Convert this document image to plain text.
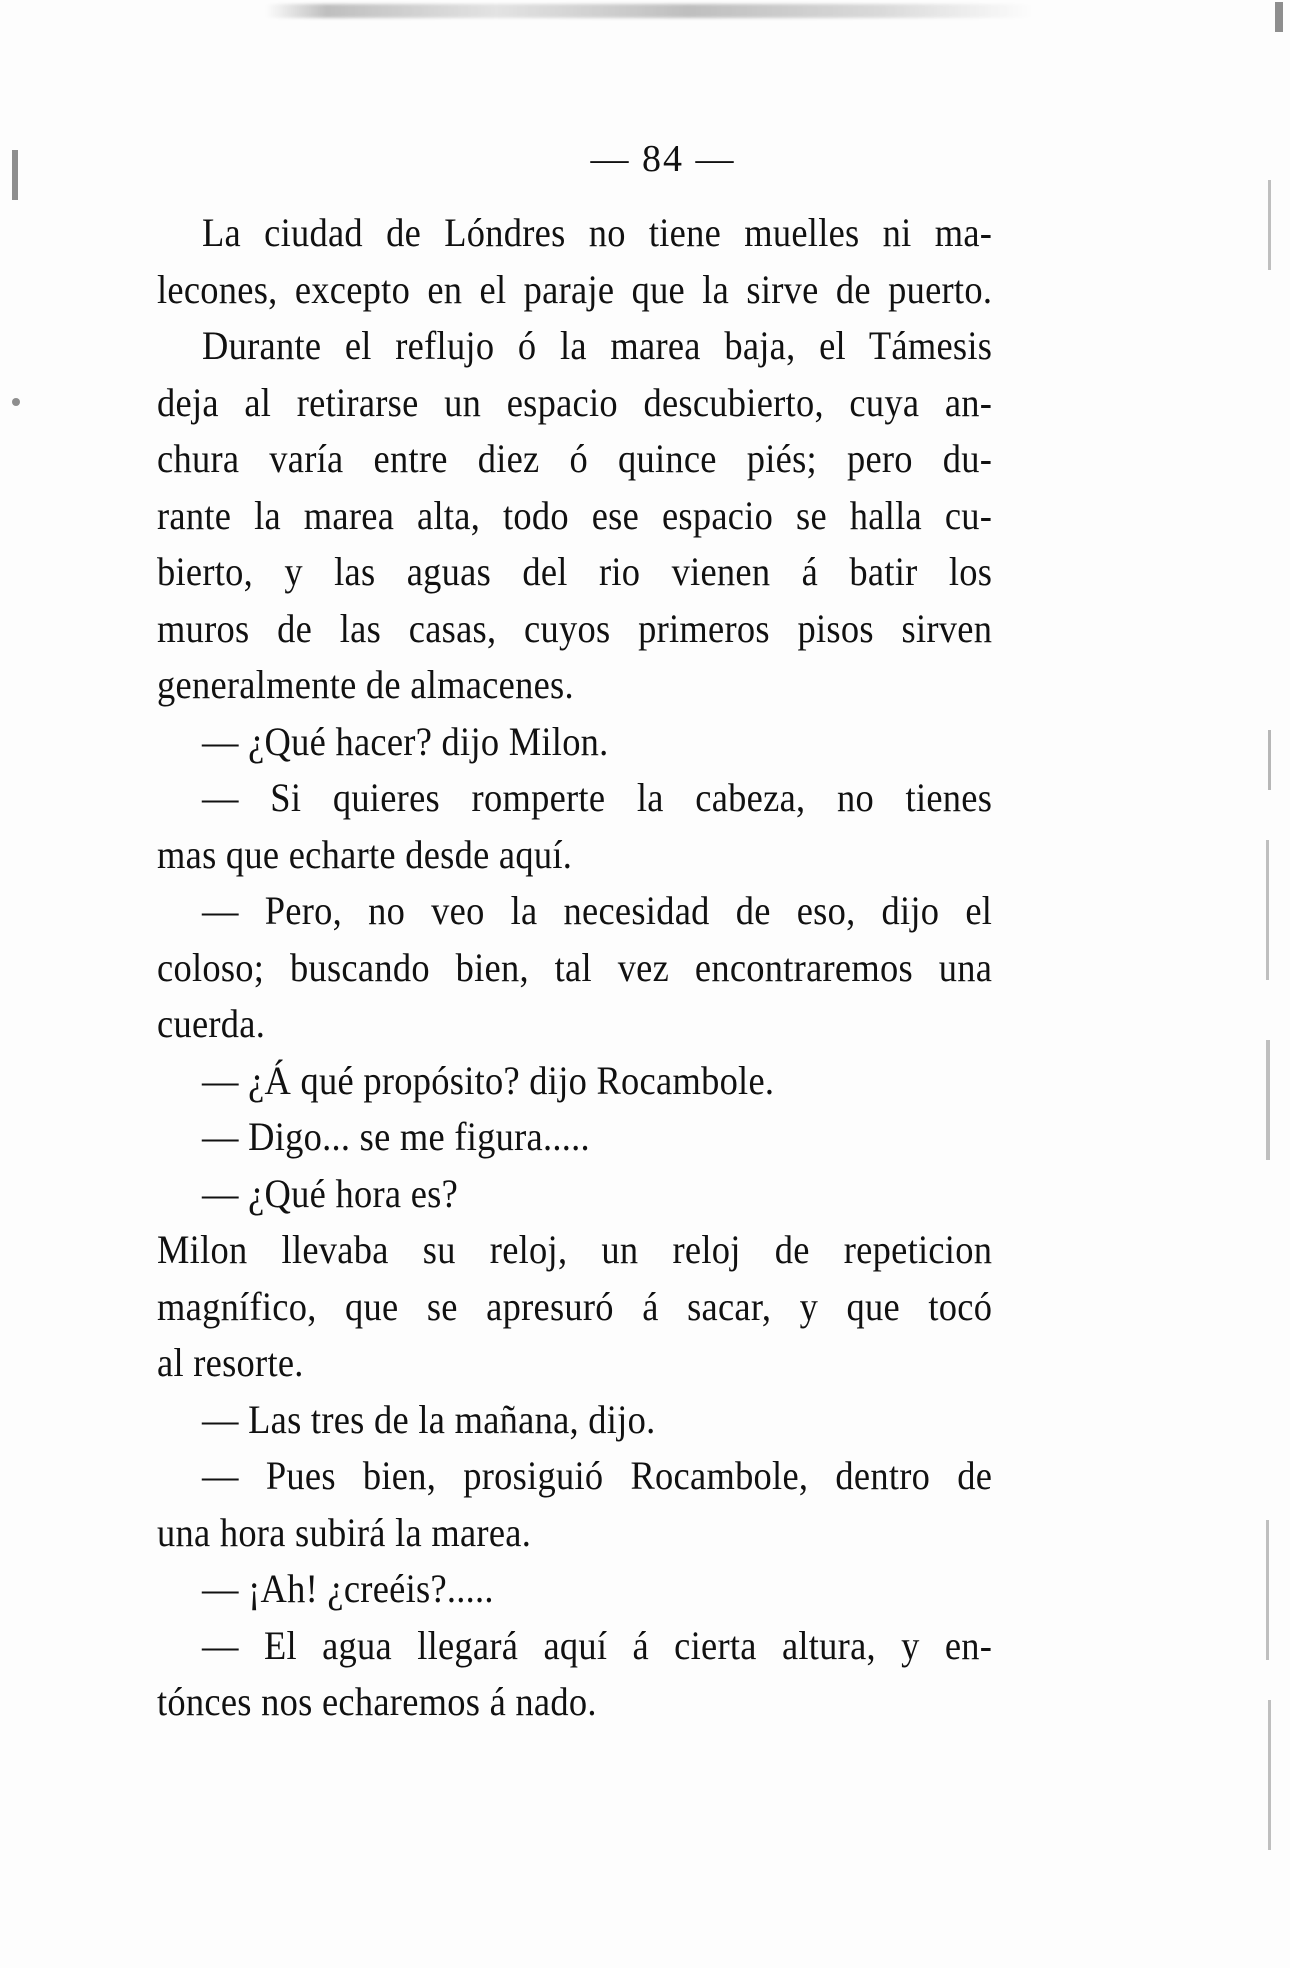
— 84 —
La ciudad de Lóndres no tiene muelles ni ma-
lecones, excepto en el paraje que la sirve de puerto.
Durante el reflujo ó la marea baja, el Támesis
deja al retirarse un espacio descubierto, cuya an-
chura varía entre diez ó quince piés; pero du-
rante la marea alta, todo ese espacio se halla cu-
bierto, y las aguas del rio vienen á batir los
muros de las casas, cuyos primeros pisos sirven
generalmente de almacenes.
— ¿Qué hacer? dijo Milon.
— Si quieres romperte la cabeza, no tienes
mas que echarte desde aquí.
— Pero, no veo la necesidad de eso, dijo el
coloso; buscando bien, tal vez encontraremos una
cuerda.
— ¿Á qué propósito? dijo Rocambole.
— Digo... se me figura.....
— ¿Qué hora es?
Milon llevaba su reloj, un reloj de repeticion
magnífico, que se apresuró á sacar, y que tocó
al resorte.
— Las tres de la mañana, dijo.
— Pues bien, prosiguió Rocambole, dentro de
una hora subirá la marea.
— ¡Ah! ¿creéis?.....
— El agua llegará aquí á cierta altura, y en-
tónces nos echaremos á nado.
